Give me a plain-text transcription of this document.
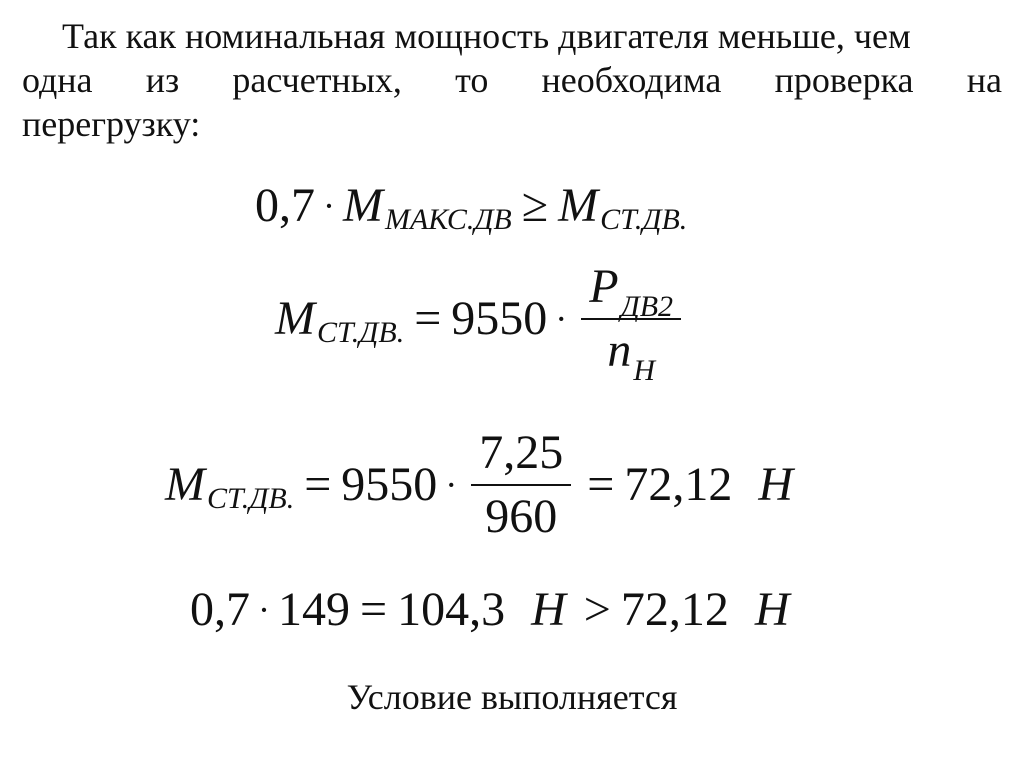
Так как номинальная мощность двигателя меньше, чем
одна из расчетных, то необходима проверка на
перегрузку:
0,7 · M МАКС.ДВ ≥ M СТ.ДВ.
M СТ.ДВ. = $9550 \cdot \frac{P_{ДВ2}}{n_Н}$
M СТ.ДВ. = $9550 \cdot \frac{7,25}{960} = 72,12$ Н
0,7 · 149 = 104,3 Н > 72,12 Н
Условие выполняется
